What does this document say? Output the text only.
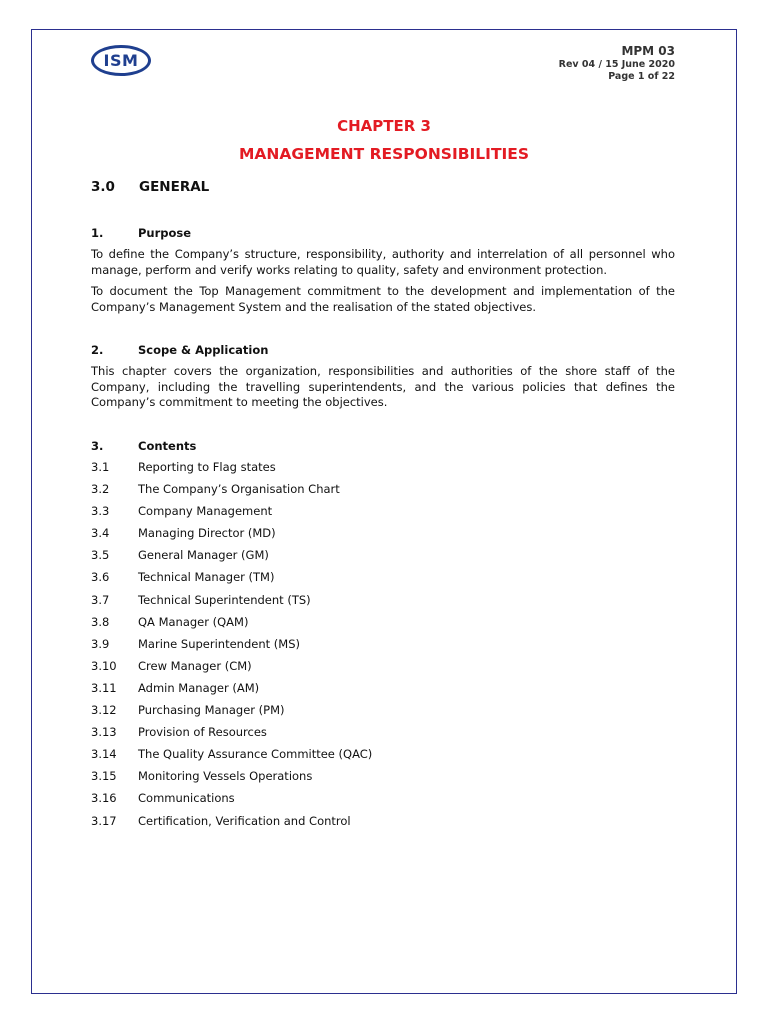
ISM	MPM 03
Rev 04 / 15 June 2020
Page 1 of 22
CHAPTER 3
MANAGEMENT RESPONSIBILITIES
3.0 GENERAL
1.	Purpose
To define the Company’s structure, responsibility, authority and interrelation of all personnel who manage, perform and verify works relating to quality, safety and environment protection.
To document the Top Management commitment to the development and implementation of the Company’s Management System and the realisation of the stated objectives.
2.	Scope & Application
This chapter covers the organization, responsibilities and authorities of the shore staff of the Company, including the travelling superintendents, and the various policies that defines the Company’s commitment to meeting the objectives.
3.	Contents
3.1 Reporting to Flag states
3.2 The Company’s Organisation Chart
3.3 Company Management
3.4 Managing Director (MD)
3.5 General Manager (GM)
3.6 Technical Manager (TM)
3.7 Technical Superintendent (TS)
3.8 QA Manager (QAM)
3.9 Marine Superintendent (MS)
3.10 Crew Manager (CM)
3.11 Admin Manager (AM)
3.12 Purchasing Manager (PM)
3.13 Provision of Resources
3.14 The Quality Assurance Committee (QAC)
3.15 Monitoring Vessels Operations
3.16 Communications
3.17 Certification, Verification and Control
